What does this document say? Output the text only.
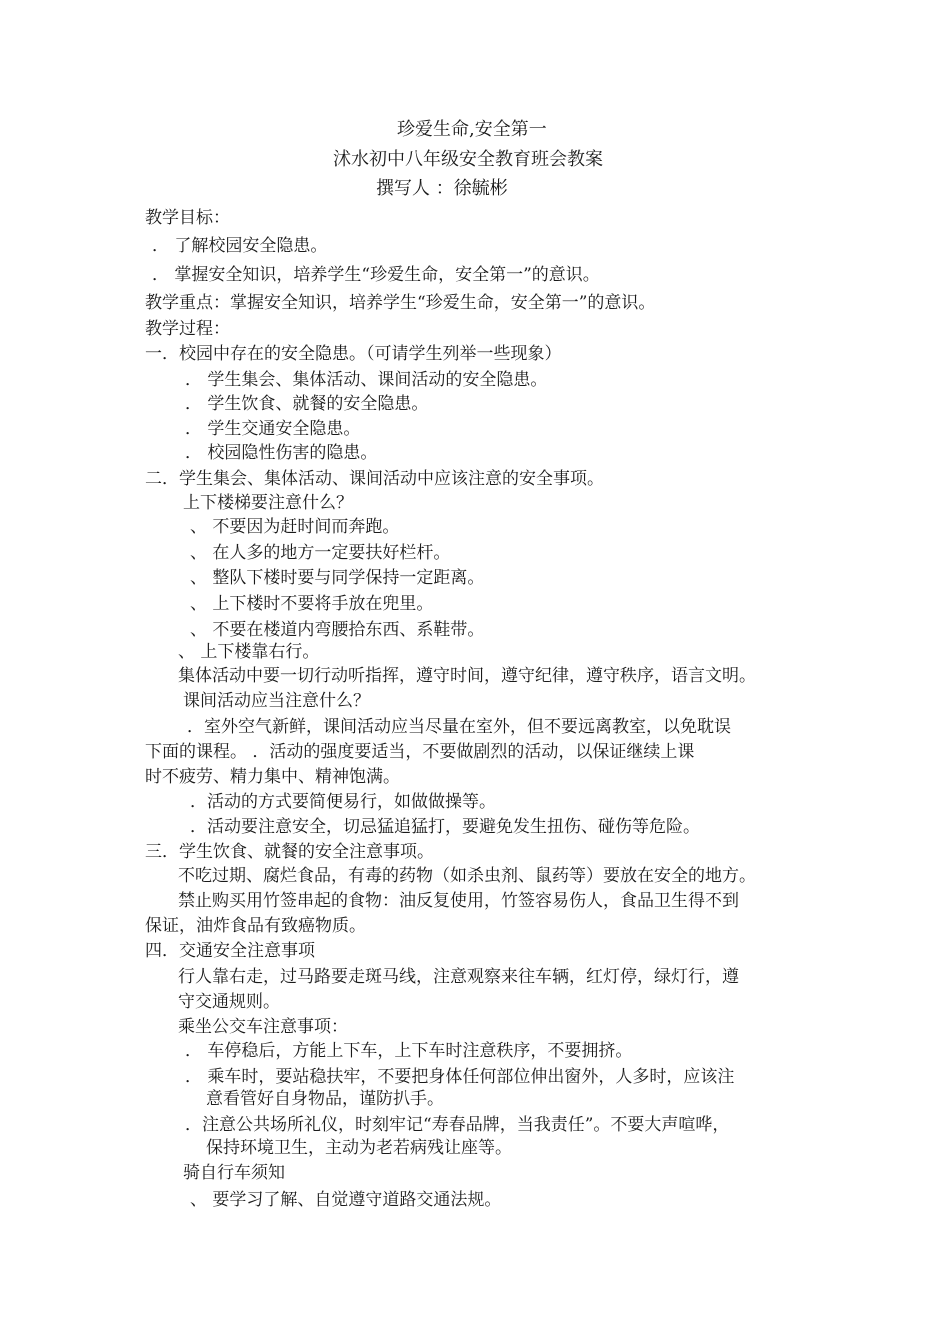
珍爱生命,安全第一
沭水初中八年级安全教育班会教案
撰写人 ：徐毓彬
教学目标：
． 了解校园安全隐患。
． 掌握安全知识，培养学生“珍爱生命，安全第一”的意识。
教学重点：掌握安全知识，培养学生“珍爱生命，安全第一”的意识。
教学过程：
一．校园中存在的安全隐患。（可请学生列举一些现象）
． 学生集会、集体活动、课间活动的安全隐患。
． 学生饮食、就餐的安全隐患。
． 学生交通安全隐患。
． 校园隐性伤害的隐患。
二．学生集会、集体活动、课间活动中应该注意的安全事项。
上下楼梯要注意什么？
、 不要因为赶时间而奔跑。
、 在人多的地方一定要扶好栏杆。
、 整队下楼时要与同学保持一定距离。
、 上下楼时不要将手放在兜里。
、 不要在楼道内弯腰拾东西、系鞋带。
、 上下楼靠右行。
集体活动中要一切行动听指挥，遵守时间，遵守纪律，遵守秩序，语言文明。
课间活动应当注意什么？
．室外空气新鲜，课间活动应当尽量在室外，但不要远离教室，以免耽误
下面的课程。 ．活动的强度要适当，不要做剧烈的活动，以保证继续上课
时不疲劳、精力集中、精神饱满。
．活动的方式要简便易行，如做做操等。
．活动要注意安全，切忌猛追猛打，要避免发生扭伤、碰伤等危险。
三．学生饮食、就餐的安全注意事项。
不吃过期、腐烂食品，有毒的药物（如杀虫剂、鼠药等）要放在安全的地方。
禁止购买用竹签串起的食物：油反复使用，竹签容易伤人，食品卫生得不到
保证，油炸食品有致癌物质。
四．交通安全注意事项
行人靠右走，过马路要走斑马线，注意观察来往车辆，红灯停，绿灯行，遵
守交通规则。
乘坐公交车注意事项：
． 车停稳后，方能上下车，上下车时注意秩序，不要拥挤。
． 乘车时，要站稳扶牢，不要把身体任何部位伸出窗外，人多时，应该注
意看管好自身物品，谨防扒手。
．注意公共场所礼仪，时刻牢记“寿春品牌，当我责任”。不要大声喧哗，
保持环境卫生，主动为老若病残让座等。
骑自行车须知
、 要学习了解、自觉遵守道路交通法规。
